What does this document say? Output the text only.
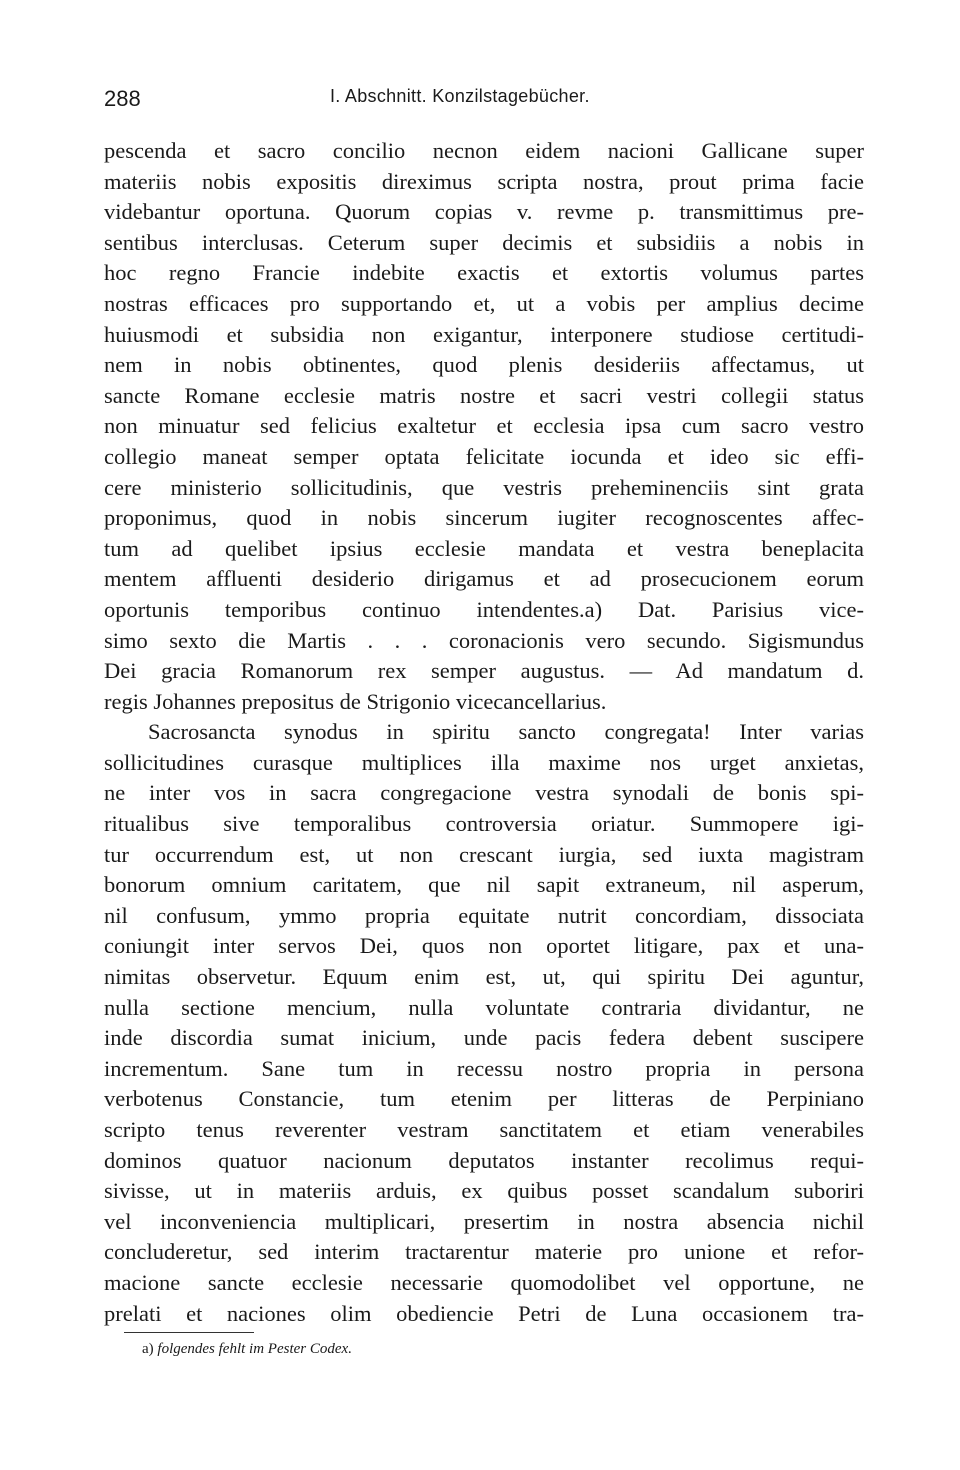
288	I. Abschnitt. Konzilstagebücher.
pescenda et sacro concilio necnon eidem nacioni Gallicane super
materiis nobis expositis direximus scripta nostra, prout prima facie
videbantur oportuna. Quorum copias v. revme p. transmittimus pre-
sentibus interclusas. Ceterum super decimis et subsidiis a nobis in
hoc regno Francie indebite exactis et extortis volumus partes
nostras efficaces pro supportando et, ut a vobis per amplius decime
huiusmodi et subsidia non exigantur, interponere studiose certitudi-
nem in nobis obtinentes, quod plenis desideriis affectamus, ut
sancte Romane ecclesie matris nostre et sacri vestri collegii status
non minuatur sed felicius exaltetur et ecclesia ipsa cum sacro vestro
collegio maneat semper optata felicitate iocunda et ideo sic effi-
cere ministerio sollicitudinis, que vestris preheminenciis sint grata
proponimus, quod in nobis sincerum iugiter recognoscentes affec-
tum ad quelibet ipsius ecclesie mandata et vestra beneplacita
mentem affluenti desiderio dirigamus et ad prosecucionem eorum
oportunis temporibus continuo intendentes.a) Dat. Parisius vice-
simo sexto die Martis . . . coronacionis vero secundo. Sigismundus
Dei gracia Romanorum rex semper augustus. — Ad mandatum d.
regis Johannes prepositus de Strigonio vicecancellarius.
Sacrosancta synodus in spiritu sancto congregata! Inter varias
sollicitudines curasque multiplices illa maxime nos urget anxietas,
ne inter vos in sacra congregacione vestra synodali de bonis spi-
ritualibus sive temporalibus controversia oriatur. Summopere igi-
tur occurrendum est, ut non crescant iurgia, sed iuxta magistram
bonorum omnium caritatem, que nil sapit extraneum, nil asperum,
nil confusum, ymmo propria equitate nutrit concordiam, dissociata
coniungit inter servos Dei, quos non oportet litigare, pax et una-
nimitas observetur. Equum enim est, ut, qui spiritu Dei aguntur,
nulla sectione mencium, nulla voluntate contraria dividantur, ne
inde discordia sumat inicium, unde pacis federa debent suscipere
incrementum. Sane tum in recessu nostro propria in persona
verbotenus Constancie, tum etenim per litteras de Perpiniano
scripto tenus reverenter vestram sanctitatem et etiam venerabiles
dominos quatuor nacionum deputatos instanter recolimus requi-
sivisse, ut in materiis arduis, ex quibus posset scandalum suboriri
vel inconveniencia multiplicari, presertim in nostra absencia nichil
concluderetur, sed interim tractarentur materie pro unione et refor-
macione sancte ecclesie necessarie quomodolibet vel opportune, ne
prelati et naciones olim obediencie Petri de Luna occasionem tra-
a) folgendes fehlt im Pester Codex.
